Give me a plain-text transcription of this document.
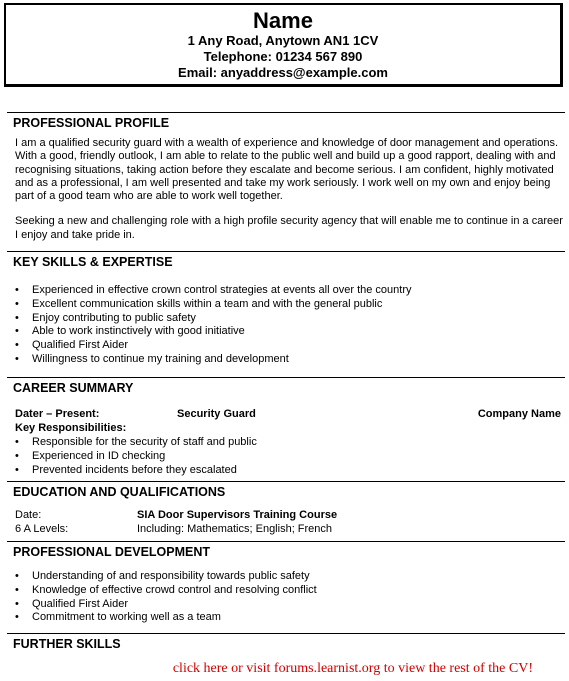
Name
1 Any Road, Anytown AN1 1CV
Telephone: 01234 567 890
Email: anyaddress@example.com
PROFESSIONAL PROFILE

I am a qualified security guard with a wealth of experience and knowledge of door management and operations. With a good, friendly outlook, I am able to relate to the public well and build up a good rapport, dealing with and recognising situations, taking action before they escalate and become serious. I am confident, highly motivated and as a professional, I am well presented and take my work seriously. I work well on my own and enjoy being part of a good team who are able to work well together.

Seeking a new and challenging role with a high profile security agency that will enable me to continue in a career I enjoy and take pride in.

KEY SKILLS & EXPERTISE
• Experienced in effective crown control strategies at events all over the country
• Excellent communication skills within a team and with the general public
• Enjoy contributing to public safety
• Able to work instinctively with good initiative
• Qualified First Aider
• Willingness to continue my training and development
CAREER SUMMARY
Dater – Present:	Security Guard	Company Name
Key Responsibilities:
• Responsible for the security of staff and public
• Experienced in ID checking
• Prevented incidents before they escalated
EDUCATION AND QUALIFICATIONS
Date:	SIA Door Supervisors Training Course
6 A Levels:	Including: Mathematics; English; French
PROFESSIONAL DEVELOPMENT
• Understanding of and responsibility towards public safety
• Knowledge of effective crowd control and resolving conflict
• Qualified First Aider
• Commitment to working well as a team
FURTHER SKILLS
click here or visit forums.learnist.org to view the rest of the CV!
